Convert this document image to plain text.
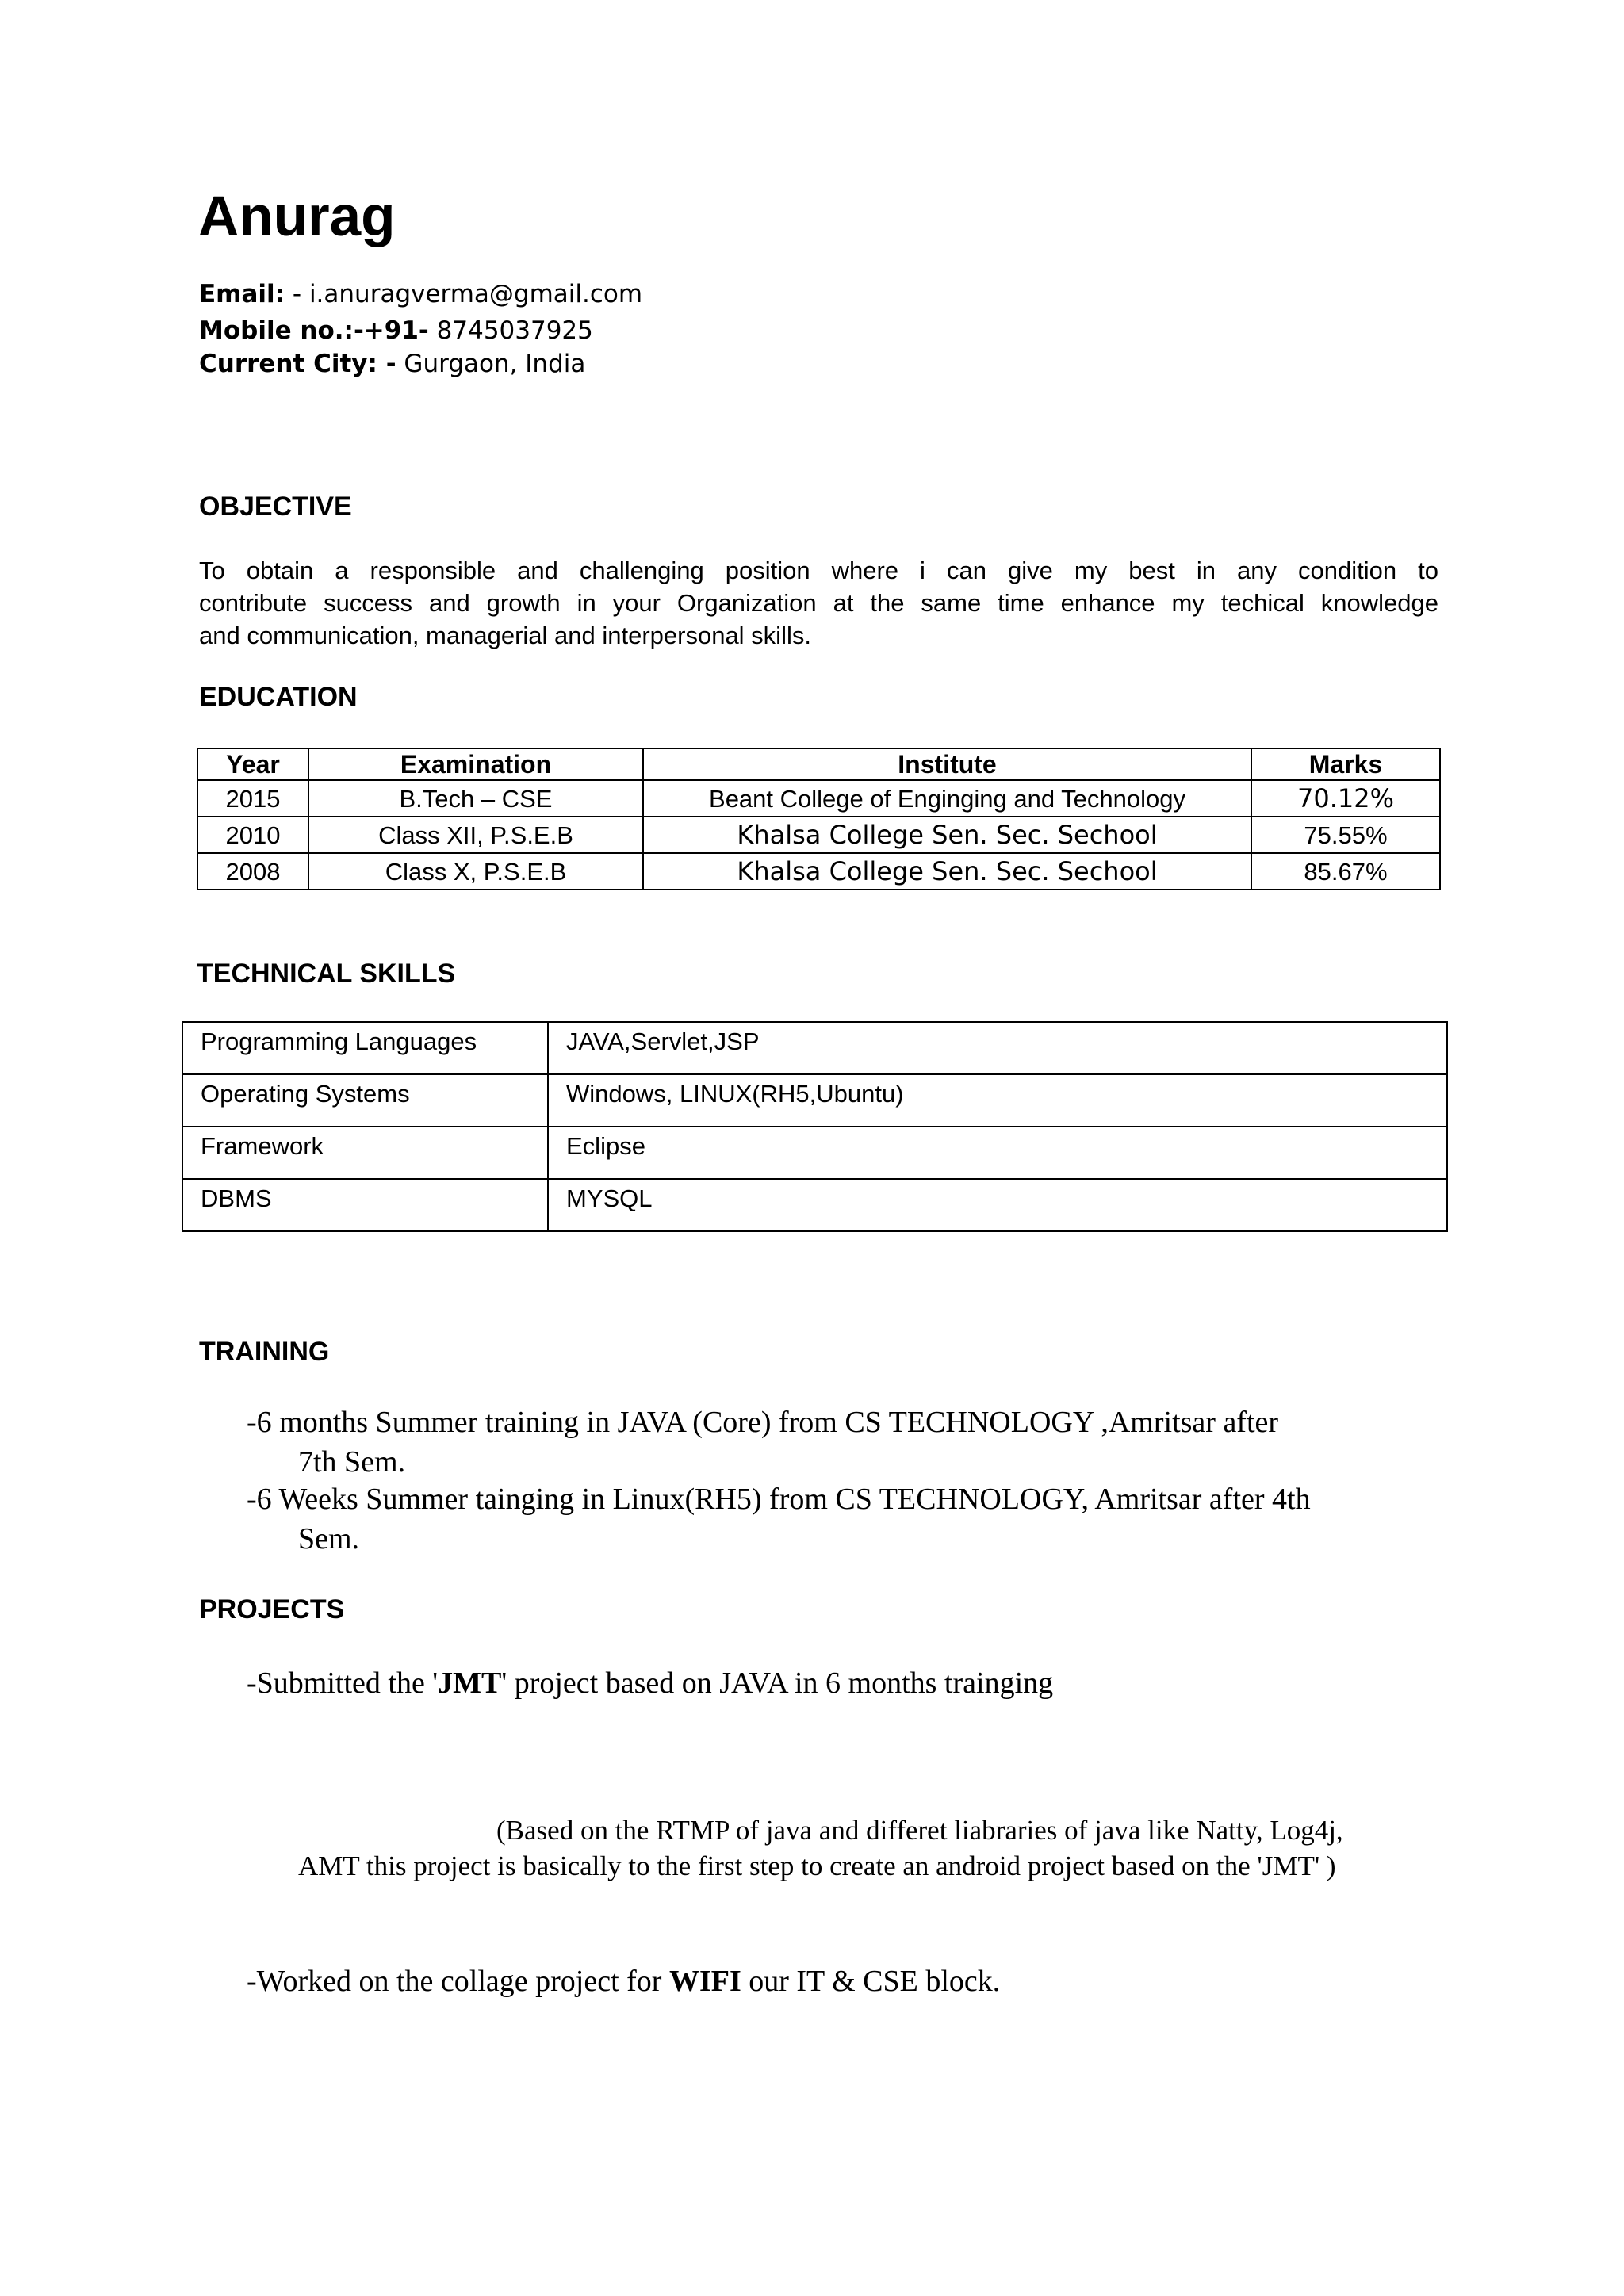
Anurag
Email: - i.anuragverma@gmail.com
Mobile no.:-+91- 8745037925
Current City: - Gurgaon, India
OBJECTIVE
To obtain a responsible and challenging position where i can give my best in any condition to
contribute success and growth in your Organization at the same time enhance my techical knowledge
and communication, managerial and interpersonal skills.
EDUCATION
Year	Examination	Institute	Marks
2015	B.Tech – CSE	Beant College of Enginging and Technology	70.12%
2010	Class XII, P.S.E.B	Khalsa College Sen. Sec. Sechool	75.55%
2008	Class X, P.S.E.B	Khalsa College Sen. Sec. Sechool	85.67%
TECHNICAL SKILLS
Programming Languages	JAVA,Servlet,JSP
Operating Systems	Windows, LINUX(RH5,Ubuntu)
Framework	Eclipse
DBMS	MYSQL
TRAINING
-6 months Summer training in JAVA (Core) from CS TECHNOLOGY ,Amritsar after
7th Sem.
-6 Weeks Summer tainging in Linux(RH5) from CS TECHNOLOGY, Amritsar after 4th
Sem.
PROJECTS
-Submitted the 'JMT' project based on JAVA in 6 months trainging
(Based on the RTMP of java and differet liabraries of java like Natty, Log4j,
AMT this project is basically to the first step to create an android project based on the 'JMT' )
-Worked on the collage project for WIFI our IT & CSE block.
